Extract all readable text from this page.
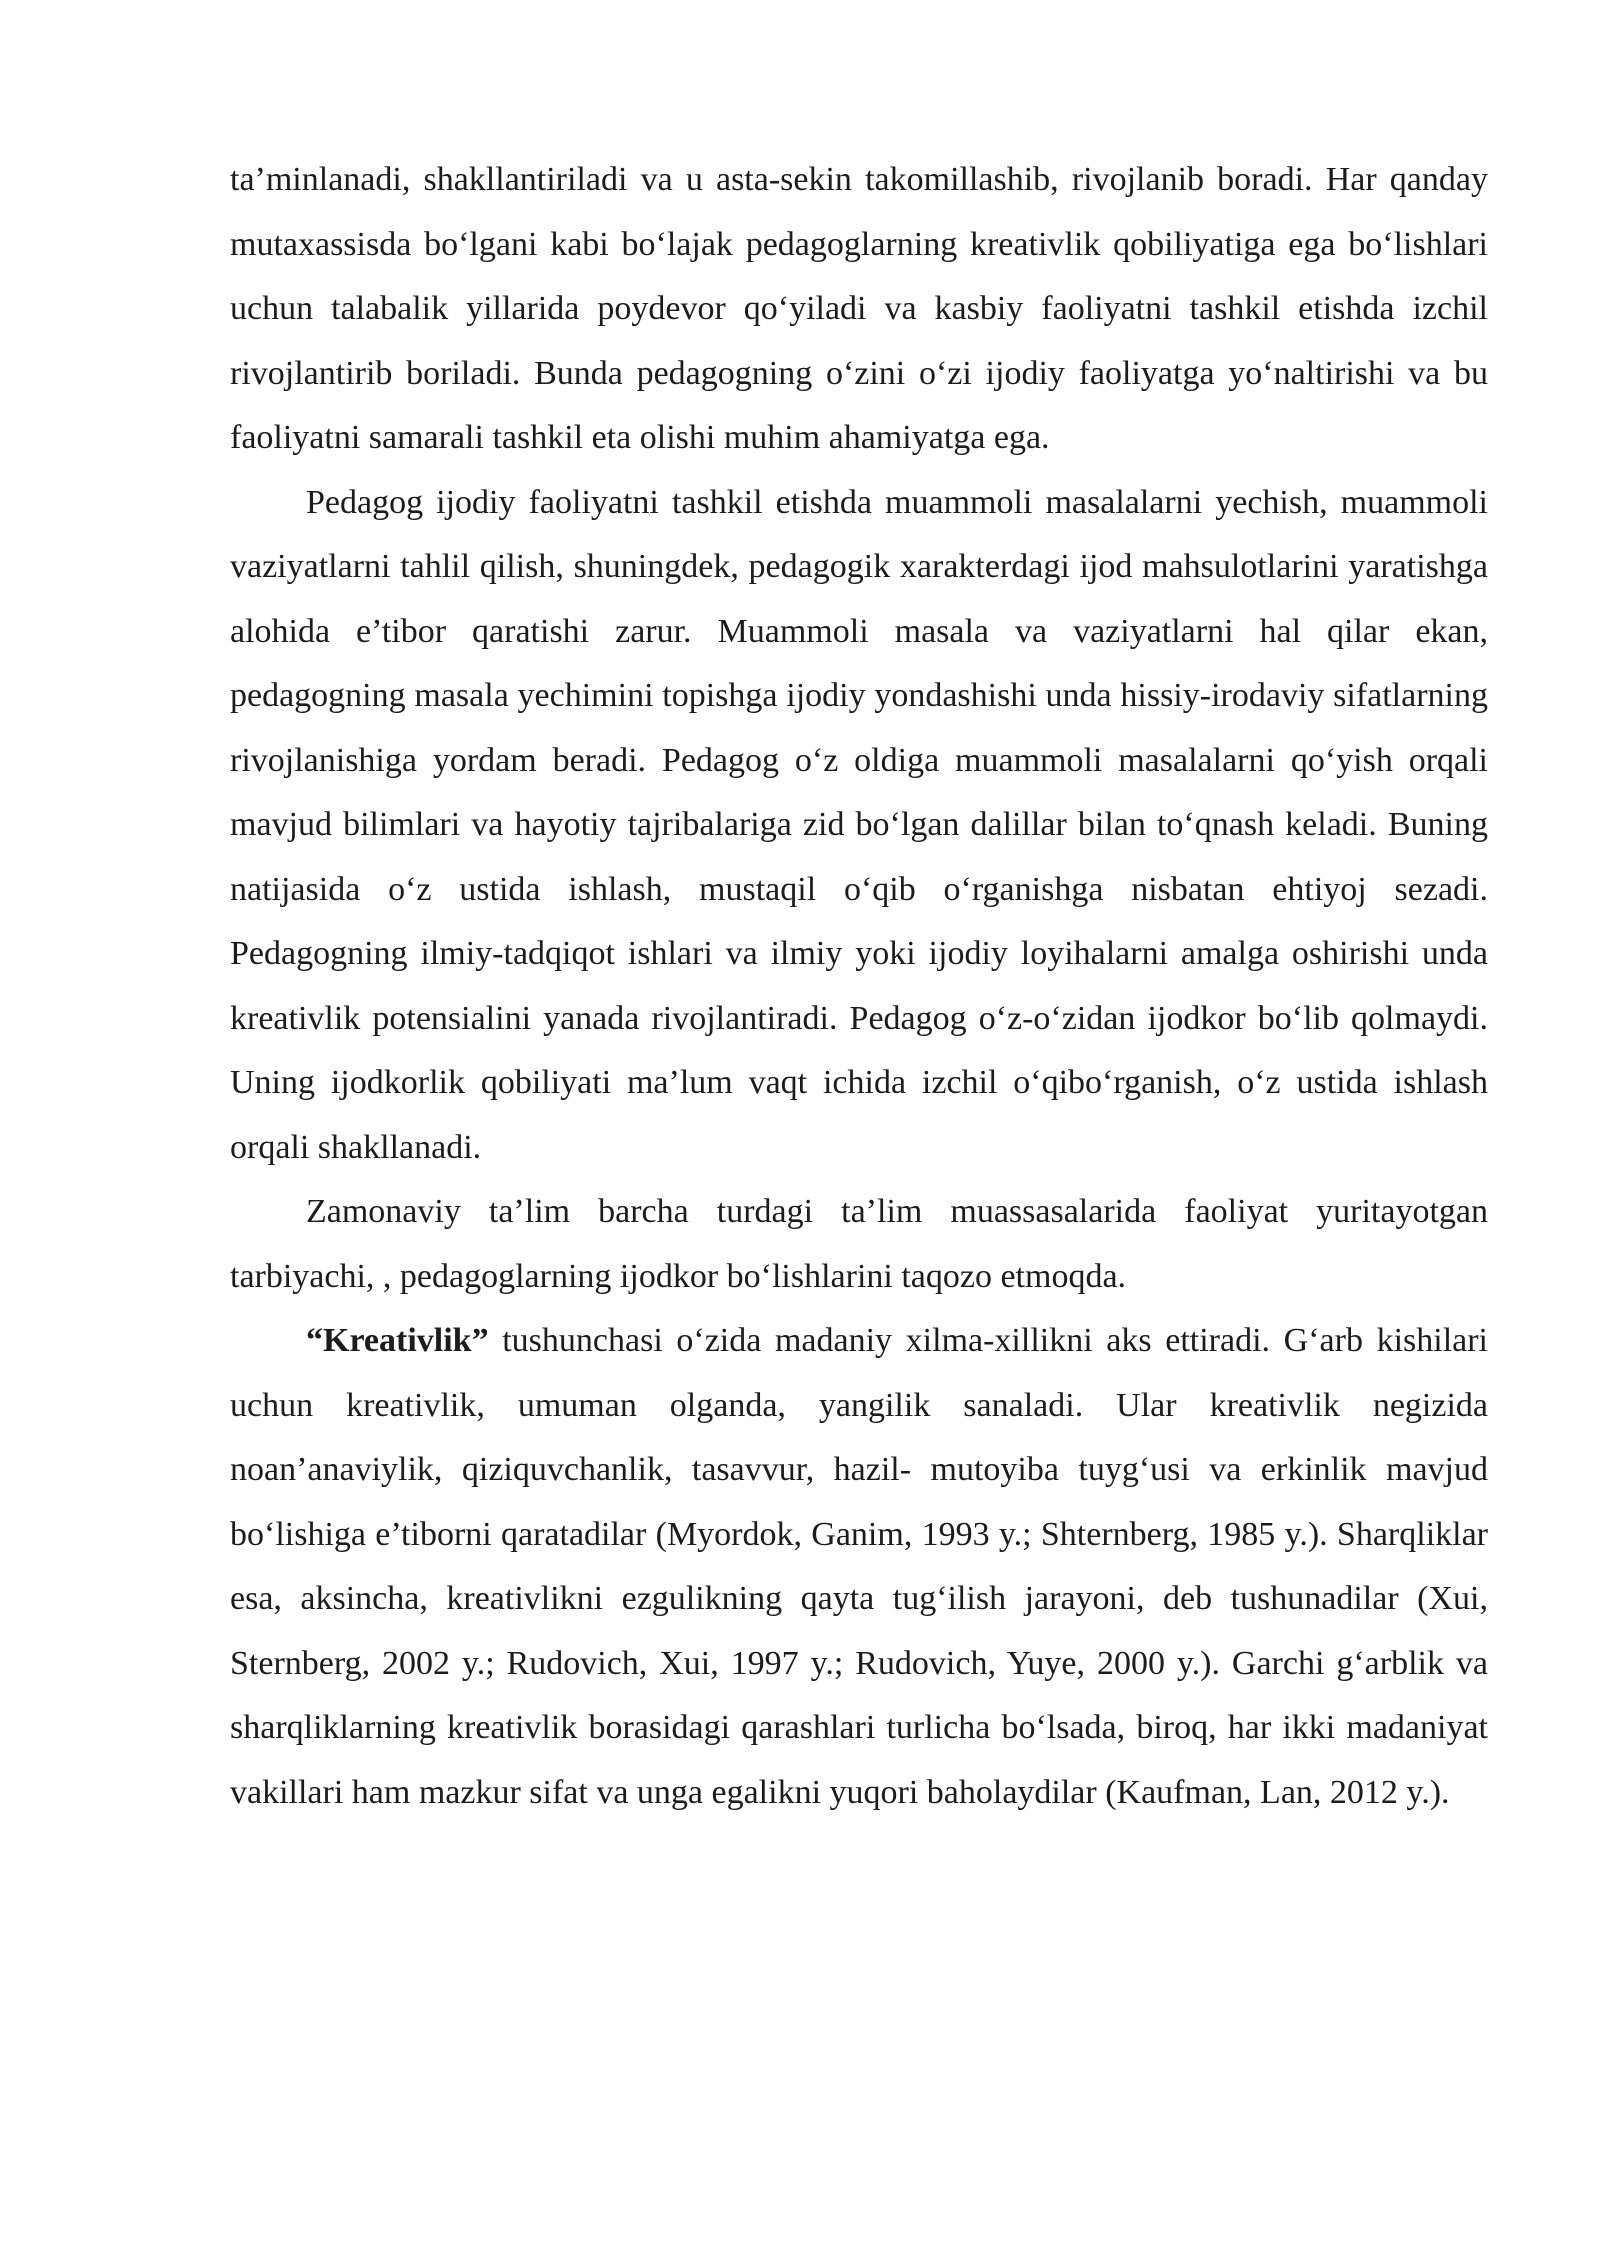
ta’minlanadi, shakllantiriladi va u asta-sekin takomillashib, rivojlanib boradi. Har qanday mutaxassisda bo‘lgani kabi bo‘lajak pedagoglarning kreativlik qobiliyatiga ega bo‘lishlari uchun talabalik yillarida poydevor qo‘yiladi va kasbiy faoliyatni tashkil etishda izchil rivojlantirib boriladi. Bunda pedagogning o‘zini o‘zi ijodiy faoliyatga yo‘naltirishi va bu faoliyatni samarali tashkil eta olishi muhim ahamiyatga ega.

Pedagog ijodiy faoliyatni tashkil etishda muammoli masalalarni yechish, muammoli vaziyatlarni tahlil qilish, shuningdek, pedagogik xarakterdagi ijod mahsulotlarini yaratishga alohida e’tibor qaratishi zarur. Muammoli masala va vaziyatlarni hal qilar ekan, pedagogning masala yechimini topishga ijodiy yondashishi unda hissiy-irodaviy sifatlarning rivojlanishiga yordam beradi. Pedagog o‘z oldiga muammoli masalalarni qo‘yish orqali mavjud bilimlari va hayotiy tajribalariga zid bo‘lgan dalillar bilan to‘qnash keladi. Buning natijasida o‘z ustida ishlash, mustaqil o‘qib o‘rganishga nisbatan ehtiyoj sezadi. Pedagogning ilmiy-tadqiqot ishlari va ilmiy yoki ijodiy loyihalarni amalga oshirishi unda kreativlik potensialini yanada rivojlantiradi. Pedagog o‘z-o‘zidan ijodkor bo‘lib qolmaydi. Uning ijodkorlik qobiliyati ma’lum vaqt ichida izchil o‘qibo‘rganish, o‘z ustida ishlash orqali shakllanadi.

Zamonaviy ta’lim barcha turdagi ta’lim muassasalarida faoliyat yuritayotgan tarbiyachi, , pedagoglarning ijodkor bo‘lishlarini taqozo etmoqda.

“Kreativlik” tushunchasi o‘zida madaniy xilma-xillikni aks ettiradi. G‘arb kishilari uchun kreativlik, umuman olganda, yangilik sanaladi. Ular kreativlik negizida noan’anaviylik, qiziquvchanlik, tasavvur, hazil- mutoyiba tuyg‘usi va erkinlik mavjud bo‘lishiga e’tiborni qaratadilar (Myordok, Ganim, 1993 y.; Shternberg, 1985 y.). Sharqliklar esa, aksincha, kreativlikni ezgulikning qayta tug‘ilish jarayoni, deb tushunadilar (Xui, Sternberg, 2002 y.; Rudovich, Xui, 1997 y.; Rudovich, Yuye, 2000 y.). Garchi g‘arblik va sharqliklarning kreativlik borasidagi qarashlari turlicha bo‘lsada, biroq, har ikki madaniyat vakillari ham mazkur sifat va unga egalikni yuqori baholaydilar (Kaufman, Lan, 2012 y.).
